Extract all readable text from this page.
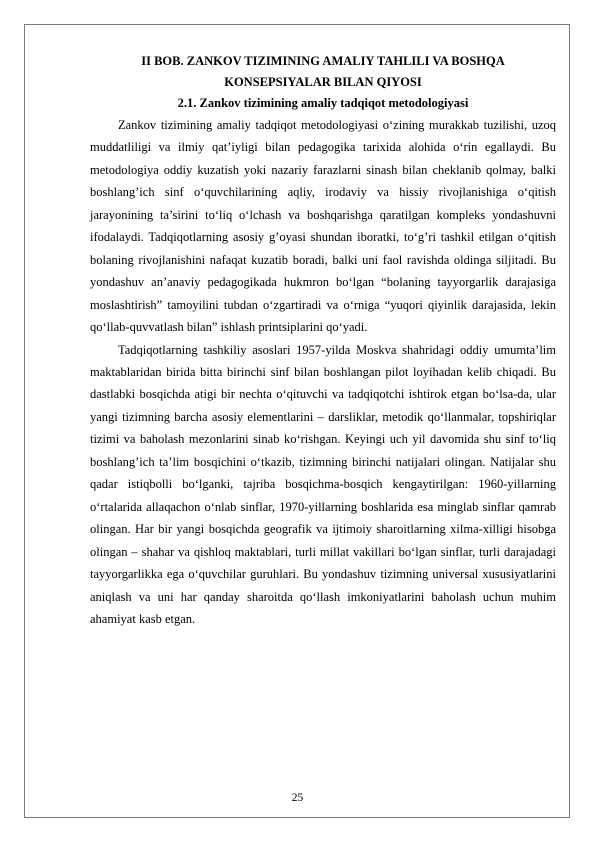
II BOB. ZANKOV TIZIMINING AMALIY TAHLILI VA BOSHQA

KONSEPSIYALAR BILAN QIYOSI

2.1. Zankov tizimining amaliy tadqiqot metodologiyasi

Zankov tizimining amaliy tadqiqot metodologiyasi o‘zining murakkab tuzilishi, uzoq muddatliligi va ilmiy qat’iyligi bilan pedagogika tarixida alohida o‘rin egallaydi. Bu metodologiya oddiy kuzatish yoki nazariy farazlarni sinash bilan cheklanib qolmay, balki boshlang’ich sinf o‘quvchilarining aqliy, irodaviy va hissiy rivojlanishiga o‘qitish jarayonining ta’sirini to‘liq o‘lchash va boshqarishga qaratilgan kompleks yondashuvni ifodalaydi. Tadqiqotlarning asosiy g’oyasi shundan iboratki, to‘g’ri tashkil etilgan o‘qitish bolaning rivojlanishini nafaqat kuzatib boradi, balki uni faol ravishda oldinga siljitadi. Bu yondashuv an’anaviy pedagogikada hukmron bo‘lgan “bolaning tayyorgarlik darajasiga moslashtirish” tamoyilini tubdan o‘zgartiradi va o‘rniga “yuqori qiyinlik darajasida, lekin qo‘llab-quvvatlash bilan” ishlash printsiplarini qo‘yadi.

Tadqiqotlarning tashkiliy asoslari 1957-yilda Moskva shahridagi oddiy umumta’lim maktablaridan birida bitta birinchi sinf bilan boshlangan pilot loyihadan kelib chiqadi. Bu dastlabki bosqichda atigi bir nechta o‘qituvchi va tadqiqotchi ishtirok etgan bo‘lsa-da, ular yangi tizimning barcha asosiy elementlarini – darsliklar, metodik qo‘llanmalar, topshiriqlar tizimi va baholash mezonlarini sinab ko‘rishgan. Keyingi uch yil davomida shu sinf to‘liq boshlang’ich ta’lim bosqichini o‘tkazib, tizimning birinchi natijalari olingan. Natijalar shu qadar istiqbolli bo‘lganki, tajriba bosqichma-bosqich kengaytirilgan: 1960-yillarning o‘rtalarida allaqachon o‘nlab sinflar, 1970-yillarning boshlarida esa minglab sinflar qamrab olingan. Har bir yangi bosqichda geografik va ijtimoiy sharoitlarning xilma-xilligi hisobga olingan – shahar va qishloq maktablari, turli millat vakillari bo‘lgan sinflar, turli darajadagi tayyorgarlikka ega o‘quvchilar guruhlari. Bu yondashuv tizimning universal xususiyatlarini aniqlash va uni har qanday sharoitda qo‘llash imkoniyatlarini baholash uchun muhim ahamiyat kasb etgan.

25
